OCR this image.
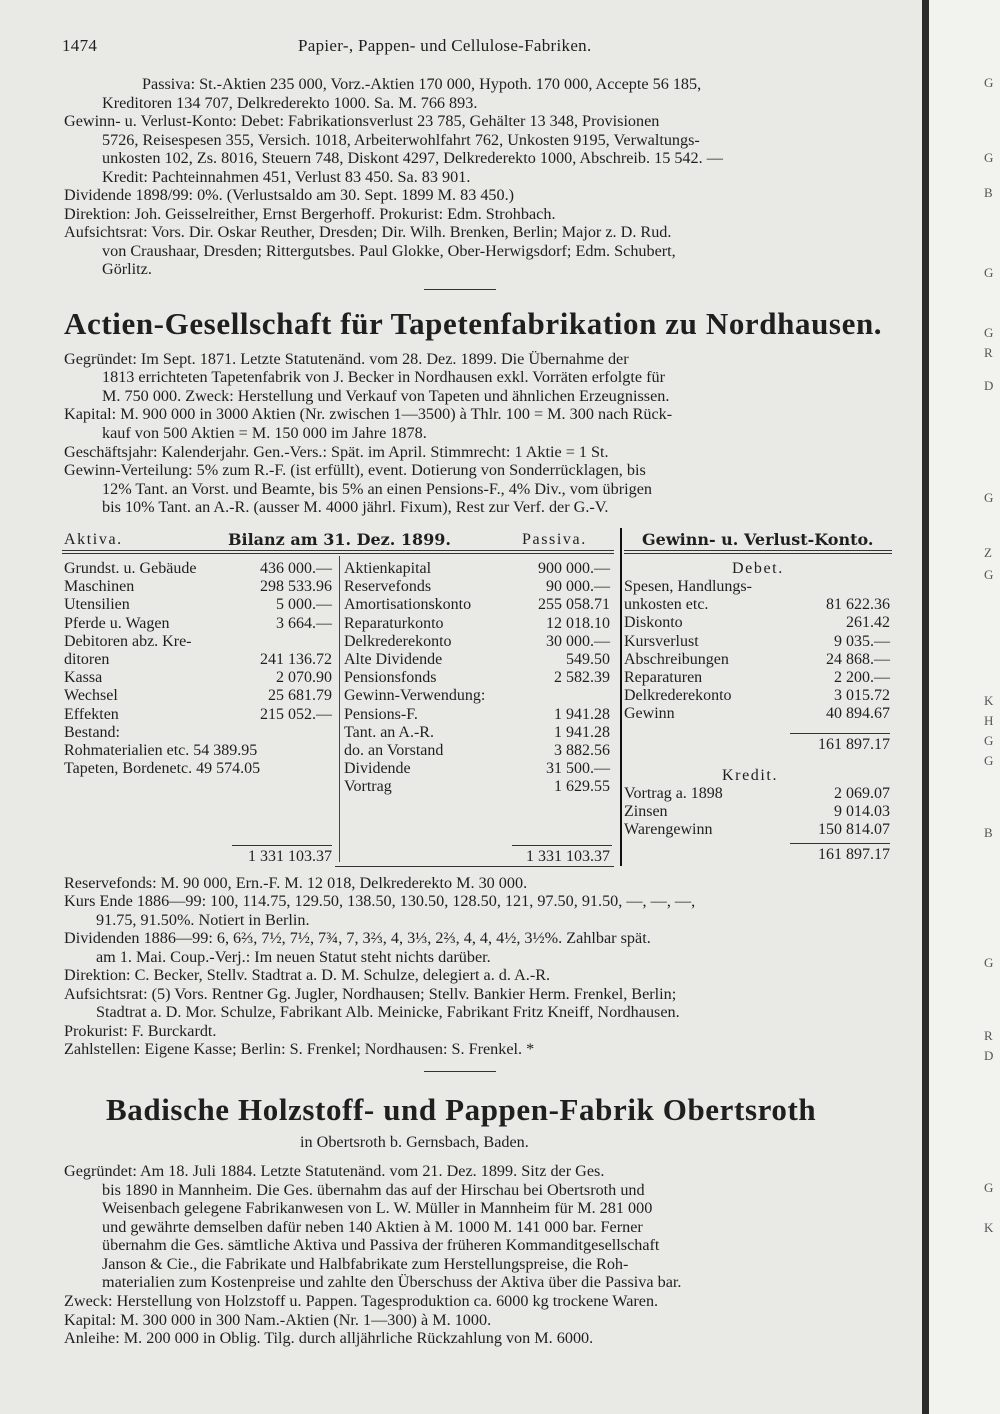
G
G
B
G
G
R
D
G
Z
G
K
H
G
G
B
G
R
D
G
K
1474	Papier-, Pappen- und Cellulose-Fabriken.
Passiva: St.-Aktien 235 000, Vorz.-Aktien 170 000, Hypoth. 170 000, Accepte 56 185,
Kreditoren 134 707, Delkrederekto 1000. Sa. M. 766 893.
Gewinn- u. Verlust-Konto: Debet: Fabrikationsverlust 23 785, Gehälter 13 348, Provisionen
5726, Reisespesen 355, Versich. 1018, Arbeiterwohlfahrt 762, Unkosten 9195, Verwaltungs-
unkosten 102, Zs. 8016, Steuern 748, Diskont 4297, Delkrederekto 1000, Abschreib. 15 542. —
Kredit: Pachteinnahmen 451, Verlust 83 450. Sa. 83 901.
Dividende 1898/99: 0%. (Verlustsaldo am 30. Sept. 1899 M. 83 450.)
Direktion: Joh. Geisselreither, Ernst Bergerhoff. Prokurist: Edm. Strohbach.
Aufsichtsrat: Vors. Dir. Oskar Reuther, Dresden; Dir. Wilh. Brenken, Berlin; Major z. D. Rud.
von Craushaar, Dresden; Rittergutsbes. Paul Glokke, Ober-Herwigsdorf; Edm. Schubert,
Görlitz.
Actien-Gesellschaft für Tapetenfabrikation zu Nordhausen.
Gegründet: Im Sept. 1871. Letzte Statutenänd. vom 28. Dez. 1899. Die Übernahme der
1813 errichteten Tapetenfabrik von J. Becker in Nordhausen exkl. Vorräten erfolgte für
M. 750 000. Zweck: Herstellung und Verkauf von Tapeten und ähnlichen Erzeugnissen.
Kapital: M. 900 000 in 3000 Aktien (Nr. zwischen 1—3500) à Thlr. 100 = M. 300 nach Rück-
kauf von 500 Aktien = M. 150 000 im Jahre 1878.
Geschäftsjahr: Kalenderjahr. Gen.-Vers.: Spät. im April. Stimmrecht: 1 Aktie = 1 St.
Gewinn-Verteilung: 5% zum R.-F. (ist erfüllt), event. Dotierung von Sonderrücklagen, bis
12% Tant. an Vorst. und Beamte, bis 5% an einen Pensions-F., 4% Div., vom übrigen
bis 10% Tant. an A.-R. (ausser M. 4000 jährl. Fixum), Rest zur Verf. der G.-V.
Aktiva.	Bilanz am 31. Dez. 1899.	Passiva.	Gewinn- u. Verlust-Konto.
Grundst. u. Gebäude	436 000.—
Maschinen	298 533.96
Utensilien	5 000.—
Pferde u. Wagen	3 664.—
Debitoren abz. Kre-
ditoren	241 136.72
Kassa	2 070.90
Wechsel	25 681.79
Effekten	215 052.—
Bestand:
Rohmaterialien etc. 54 389.95
Tapeten, Bordenetc. 49 574.05
Aktienkapital	900 000.—
Reservefonds	90 000.—
Amortisationskonto	255 058.71
Reparaturkonto	12 018.10
Delkrederekonto	30 000.—
Alte Dividende	549.50
Pensionsfonds	2 582.39
Gewinn-Verwendung:
Pensions-F.	1 941.28
Tant. an A.-R.	1 941.28
do. an Vorstand	3 882.56
Dividende	31 500.—
Vortrag	1 629.55
Debet.
Spesen, Handlungs-
unkosten etc.	81 622.36
Diskonto	261.42
Kursverlust	9 035.—
Abschreibungen	24 868.—
Reparaturen	2 200.—
Delkrederekonto	3 015.72
Gewinn	40 894.67
161 897.17
Kredit.
Vortrag a. 1898	2 069.07
Zinsen	9 014.03
Warengewinn	150 814.07
161 897.17
1 331 103.37	1 331 103.37
Reservefonds: M. 90 000, Ern.-F. M. 12 018, Delkrederekto M. 30 000.
Kurs Ende 1886—99: 100, 114.75, 129.50, 138.50, 130.50, 128.50, 121, 97.50, 91.50, —, —, —,
91.75, 91.50%. Notiert in Berlin.
Dividenden 1886—99: 6, 6⅔, 7½, 7½, 7¾, 7, 3⅔, 4, 3⅓, 2⅔, 4, 4, 4½, 3½%. Zahlbar spät.
am 1. Mai. Coup.-Verj.: Im neuen Statut steht nichts darüber.
Direktion: C. Becker, Stellv. Stadtrat a. D. M. Schulze, delegiert a. d. A.-R.
Aufsichtsrat: (5) Vors. Rentner Gg. Jugler, Nordhausen; Stellv. Bankier Herm. Frenkel, Berlin;
Stadtrat a. D. Mor. Schulze, Fabrikant Alb. Meinicke, Fabrikant Fritz Kneiff, Nordhausen.
Prokurist: F. Burckardt.
Zahlstellen: Eigene Kasse; Berlin: S. Frenkel; Nordhausen: S. Frenkel. *
Badische Holzstoff- und Pappen-Fabrik Obertsroth
in Obertsroth b. Gernsbach, Baden.
Gegründet: Am 18. Juli 1884. Letzte Statutenänd. vom 21. Dez. 1899. Sitz der Ges.
bis 1890 in Mannheim. Die Ges. übernahm das auf der Hirschau bei Obertsroth und
Weisenbach gelegene Fabrikanwesen von L. W. Müller in Mannheim für M. 281 000
und gewährte demselben dafür neben 140 Aktien à M. 1000 M. 141 000 bar. Ferner
übernahm die Ges. sämtliche Aktiva und Passiva der früheren Kommanditgesellschaft
Janson & Cie., die Fabrikate und Halbfabrikate zum Herstellungspreise, die Roh-
materialien zum Kostenpreise und zahlte den Überschuss der Aktiva über die Passiva bar.
Zweck: Herstellung von Holzstoff u. Pappen. Tagesproduktion ca. 6000 kg trockene Waren.
Kapital: M. 300 000 in 300 Nam.-Aktien (Nr. 1—300) à M. 1000.
Anleihe: M. 200 000 in Oblig. Tilg. durch alljährliche Rückzahlung von M. 6000.
